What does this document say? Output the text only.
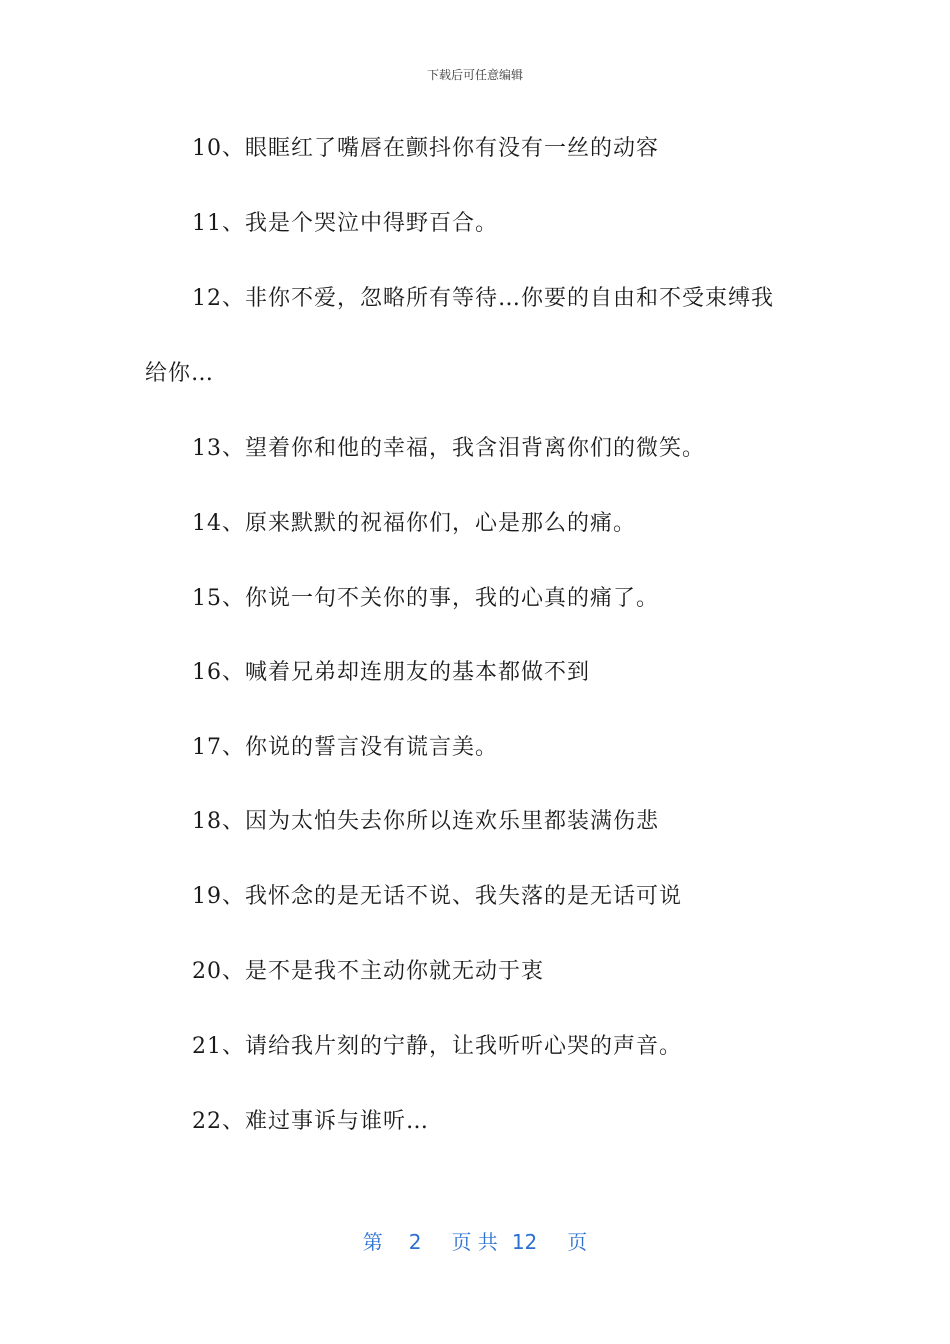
下载后可任意编辑
10、眼眶红了嘴唇在颤抖你有没有一丝的动容
11、我是个哭泣中得野百合。
12、非你不爱，忽略所有等待…你要的自由和不受束缚我
给你…
13、望着你和他的幸福，我含泪背离你们的微笑。
14、原来默默的祝福你们，心是那么的痛。
15、你说一句不关你的事，我的心真的痛了。
16、喊着兄弟却连朋友的基本都做不到
17、你说的誓言没有谎言美。
18、因为太怕失去你所以连欢乐里都装满伤悲
19、我怀念的是无话不说、我失落的是无话可说
20、是不是我不主动你就无动于衷
21、请给我片刻的宁静，让我听听心哭的声音。
22、难过事诉与谁听…
第 2 页 共 12 页
